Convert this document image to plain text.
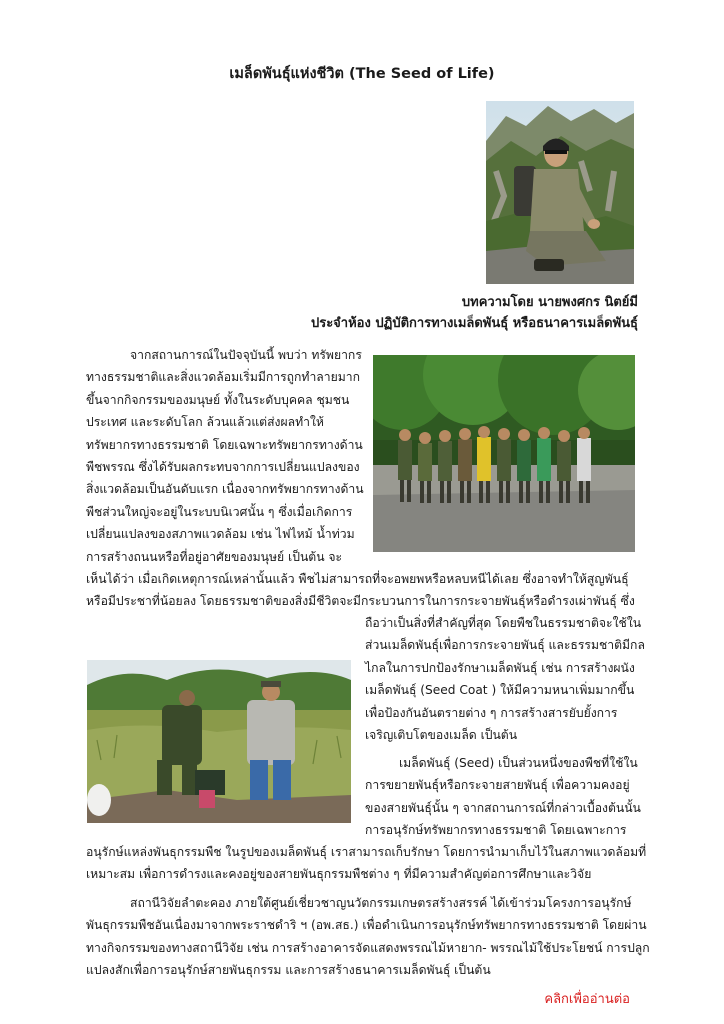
เมล็ดพันธุ์แห่งชีวิต (The Seed of Life)
บทความโดย นายพงศกร นิตย์มี
ประจำห้อง ปฏิบัติการทางเมล็ดพันธุ์ หรือธนาคารเมล็ดพันธุ์
จากสถานการณ์ในปัจจุบันนี้ พบว่า ทรัพยากร
ทางธรรมชาติและสิ่งแวดล้อมเริ่มมีการถูกทำลายมาก
ขึ้นจากกิจกรรมของมนุษย์ ทั้งในระดับบุคคล ชุมชน
ประเทศ และระดับโลก ล้วนแล้วแต่ส่งผลทำให้
ทรัพยากรทางธรรมชาติ โดยเฉพาะทรัพยากรทางด้าน
พืชพรรณ ซึ่งได้รับผลกระทบจากการเปลี่ยนแปลงของ
สิ่งแวดล้อมเป็นอันดับแรก เนื่องจากทรัพยากรทางด้าน
พืชส่วนใหญ่จะอยู่ในระบบนิเวศนั้น ๆ ซึ่งเมื่อเกิดการ
เปลี่ยนแปลงของสภาพแวดล้อม เช่น ไฟไหม้ น้ำท่วม
การสร้างถนนหรือที่อยู่อาศัยของมนุษย์ เป็นต้น จะ
เห็นได้ว่า เมื่อเกิดเหตุการณ์เหล่านั้นแล้ว พืชไม่สามารถที่จะอพยพหรือหลบหนีได้เลย ซึ่งอาจทำให้สูญพันธุ์
หรือมีประชาที่น้อยลง โดยธรรมชาติของสิ่งมีชีวิตจะมีกระบวนการในการกระจายพันธุ์หรือดำรงเผ่าพันธุ์ ซึ่ง
ถือว่าเป็นสิ่งที่สำคัญที่สุด โดยพืชในธรรมชาติจะใช้ใน
ส่วนเมล็ดพันธุ์เพื่อการกระจายพันธุ์ และธรรมชาติมีกล
ไกลในการปกป้องรักษาเมล็ดพันธุ์ เช่น การสร้างผนัง
เมล็ดพันธุ์ (Seed Coat ) ให้มีความหนาเพิ่มมากขึ้น
เพื่อป้องกันอันตรายต่าง ๆ การสร้างสารยับยั้งการ
เจริญเติบโตของเมล็ด เป็นต้น
เมล็ดพันธุ์ (Seed) เป็นส่วนหนึ่งของพืชที่ใช้ใน
การขยายพันธุ์หรือกระจายสายพันธุ์ เพื่อความคงอยู่
ของสายพันธุ์นั้น ๆ จากสถานการณ์ที่กล่าวเบื้องต้นนั้น
การอนุรักษ์ทรัพยากรทางธรรมชาติ โดยเฉพาะการ
อนุรักษ์แหล่งพันธุกรรมพืช ในรูปของเมล็ดพันธุ์ เราสามารถเก็บรักษา โดยการนำมาเก็บไว้ในสภาพแวดล้อมที่
เหมาะสม เพื่อการดำรงและคงอยู่ของสายพันธุกรรมพืชต่าง ๆ ที่มีความสำคัญต่อการศึกษาและวิจัย
สถานีวิจัยลำตะคอง ภายใต้ศูนย์เชี่ยวชาญนวัตกรรมเกษตรสร้างสรรค์ ได้เข้าร่วมโครงการอนุรักษ์
พันธุกรรมพืชอันเนื่องมาจากพระราชดำริ ฯ (อพ.สธ.) เพื่อดำเนินการอนุรักษ์ทรัพยากรทางธรรมชาติ โดยผ่าน
ทางกิจกรรมของทางสถานีวิจัย เช่น การสร้างอาคารจัดแสดงพรรณไม้หายาก- พรรณไม้ใช้ประโยชน์ การปลูก
แปลงสักเพื่อการอนุรักษ์สายพันธุกรรม และการสร้างธนาคารเมล็ดพันธุ์ เป็นต้น
คลิกเพื่ออ่านต่อ
